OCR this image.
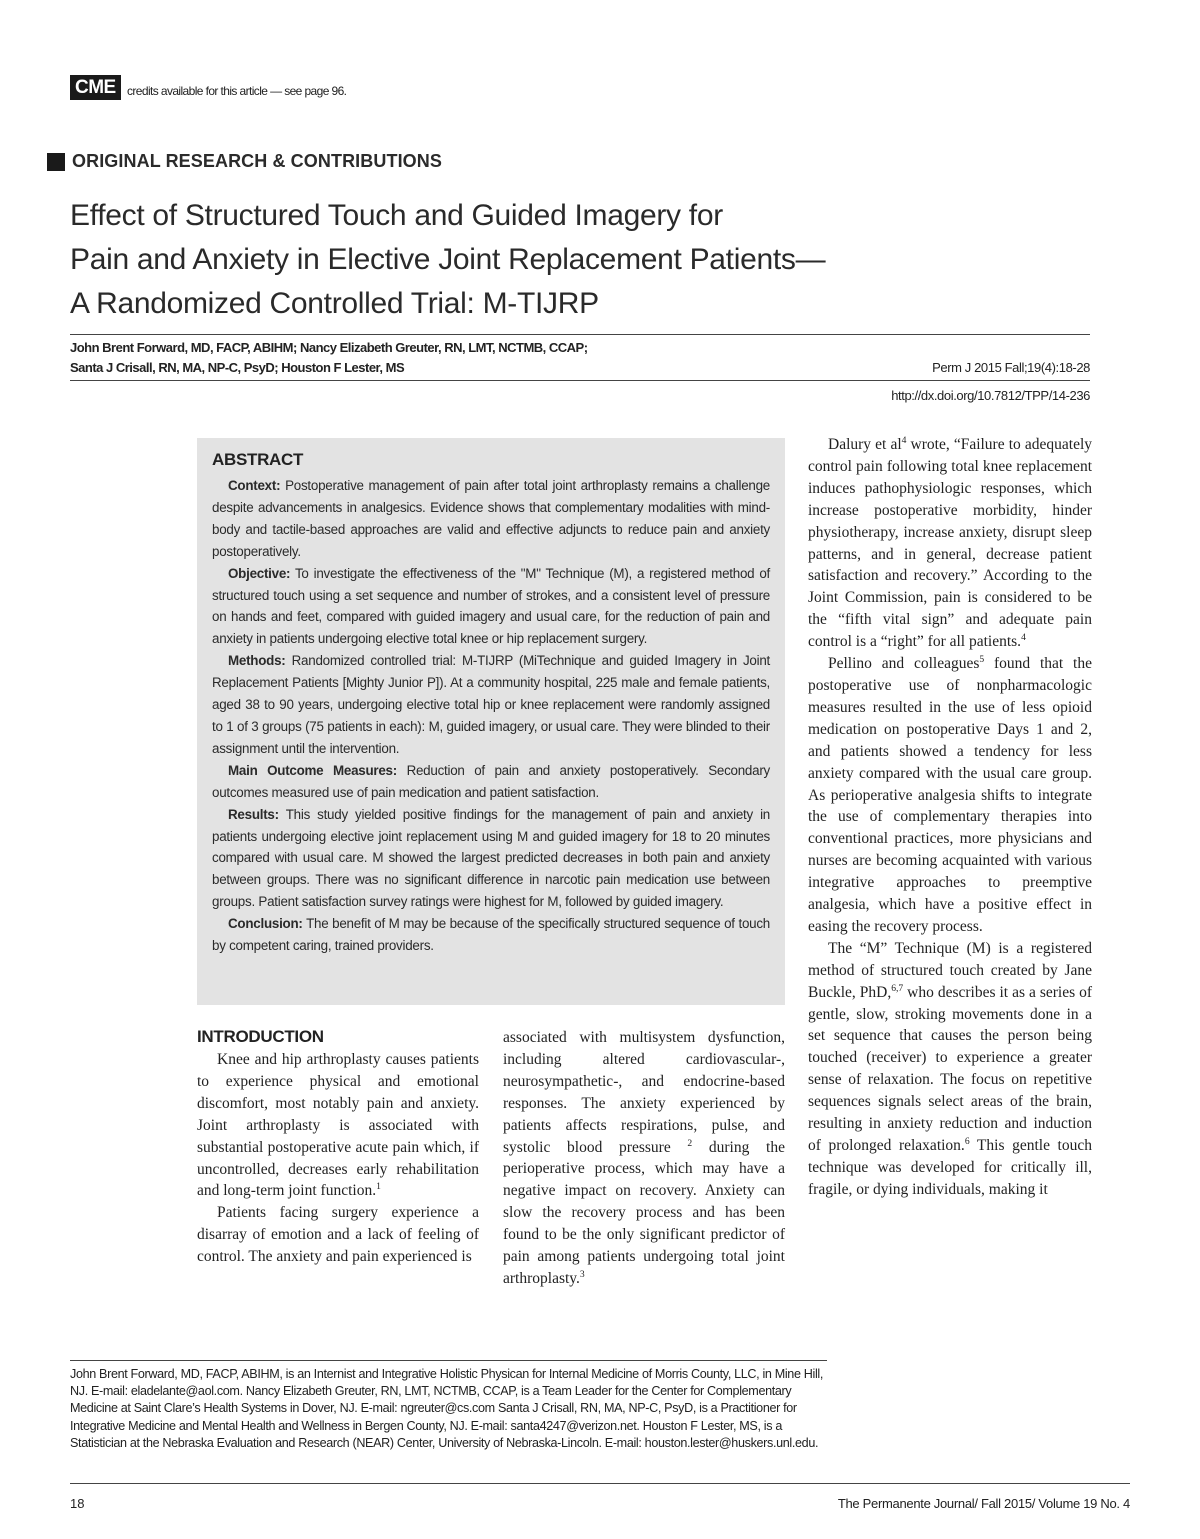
CME credits available for this article — see page 96.
ORIGINAL RESEARCH & CONTRIBUTIONS
Effect of Structured Touch and Guided Imagery for
Pain and Anxiety in Elective Joint Replacement Patients—
A Randomized Controlled Trial: M-TIJRP
John Brent Forward, MD, FACP, ABIHM; Nancy Elizabeth Greuter, RN, LMT, NCTMB, CCAP;
Santa J Crisall, RN, MA, NP-C, PsyD; Houston F Lester, MS	Perm J 2015 Fall;19(4):18-28
http://dx.doi.org/10.7812/TPP/14-236
ABSTRACT

Context: Postoperative management of pain after total joint arthroplasty remains a challenge despite advancements in analgesics. Evidence shows that complementary modalities with mind-body and tactile-based approaches are valid and effective adjuncts to reduce pain and anxiety postoperatively.

Objective: To investigate the effectiveness of the "M" Technique (M), a registered method of structured touch using a set sequence and number of strokes, and a consistent level of pressure on hands and feet, compared with guided imagery and usual care, for the reduction of pain and anxiety in patients undergoing elective total knee or hip replacement surgery.

Methods: Randomized controlled trial: M-TIJRP (MiTechnique and guided Imagery in Joint Replacement Patients [Mighty Junior P]). At a community hospital, 225 male and female patients, aged 38 to 90 years, undergoing elective total hip or knee replacement were randomly assigned to 1 of 3 groups (75 patients in each): M, guided imagery, or usual care. They were blinded to their assignment until the intervention.

Main Outcome Measures: Reduction of pain and anxiety postoperatively. Secondary outcomes measured use of pain medication and patient satisfaction.

Results: This study yielded positive findings for the management of pain and anxiety in patients undergoing elective joint replacement using M and guided imagery for 18 to 20 minutes compared with usual care. M showed the largest predicted decreases in both pain and anxiety between groups. There was no significant difference in narcotic pain medication use between groups. Patient satisfaction survey ratings were highest for M, followed by guided imagery.

Conclusion: The benefit of M may be because of the specifically structured sequence of touch by competent caring, trained providers.

INTRODUCTION

Knee and hip arthroplasty causes patients to experience physical and emotional discomfort, most notably pain and anxiety. Joint arthroplasty is associated with substantial postoperative acute pain which, if uncontrolled, decreases early rehabilitation and long-term joint function.$^1$

Patients facing surgery experience a disarray of emotion and a lack of feeling of control. The anxiety and pain experienced is

associated with multisystem dysfunction, including altered cardiovascular-, neurosympathetic-, and endocrine-based responses. The anxiety experienced by patients affects respirations, pulse, and systolic blood pressure $^2$ during the perioperative process, which may have a negative impact on recovery. Anxiety can slow the recovery process and has been found to be the only significant predictor of pain among patients undergoing total joint arthroplasty.$^3$

Dalury et $al^4$ wrote, “Failure to adequately control pain following total knee replacement induces pathophysiologic responses, which increase postoperative morbidity, hinder physiotherapy, increase anxiety, disrupt sleep patterns, and in general, decrease patient satisfaction and recovery.” According to the Joint Commission, pain is considered to be the “fifth vital sign” and adequate pain control is a “right” for all patients.$^4$

Pellino and colleagues$^5$ found that the postoperative use of nonpharmacologic measures resulted in the use of less opioid medication on postoperative Days 1 and 2, and patients showed a tendency for less anxiety compared with the usual care group. As perioperative analgesia shifts to integrate the use of complementary therapies into conventional practices, more physicians and nurses are becoming acquainted with various integrative approaches to preemptive analgesia, which have a positive effect in easing the recovery process.

The “M” Technique (M) is a registered method of structured touch created by Jane Buckle, PhD,$^{6,7}$ who describes it as a series of gentle, slow, stroking movements done in a set sequence that causes the person being touched (receiver) to experience a greater sense of relaxation. The focus on repetitive sequences signals select areas of the brain, resulting in anxiety reduction and induction of prolonged relaxation.$^6$ This gentle touch technique was developed for critically ill, fragile, or dying individuals, making it

John Brent Forward, MD, FACP, ABIHM, is an Internist and Integrative Holistic Physican for Internal Medicine of Morris County, LLC, in Mine Hill, NJ. E-mail: eladelante@aol.com. Nancy Elizabeth Greuter, RN, LMT, NCTMB, CCAP, is a Team Leader for the Center for Complementary Medicine at Saint Clare’s Health Systems in Dover, NJ. E-mail: ngreuter@cs.com Santa J Crisall, RN, MA, NP-C, PsyD, is a Practitioner for Integrative Medicine and Mental Health and Wellness in Bergen County, NJ. E-mail: santa4247@verizon.net. Houston F Lester, MS, is a Statistician at the Nebraska Evaluation and Research (NEAR) Center, University of Nebraska-Lincoln. E-mail: houston.lester@huskers.unl.edu.
18	The Permanente Journal/ Fall 2015/ Volume 19 No. 4
